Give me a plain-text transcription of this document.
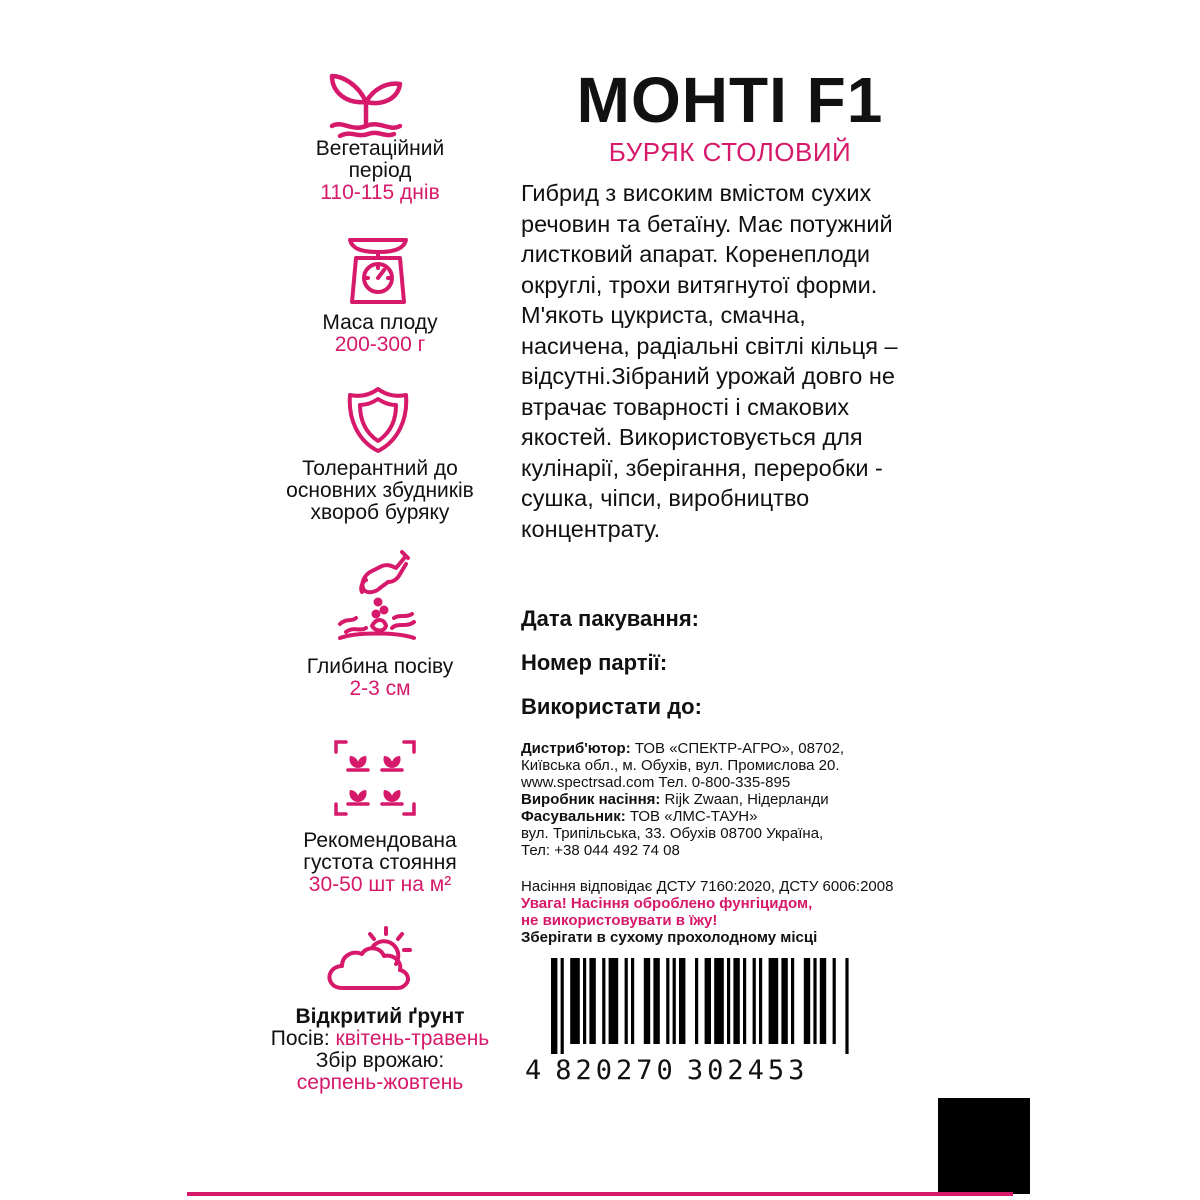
Вегетаційний
період
110-115 днів
Маса плоду
200-300 г
Толерантний до
основних збудників
хвороб буряку
Глибина посіву
2-3 см
Рекомендована
густота стояння
30-50 шт на м²
Відкритий ґрунт
Посів: квітень-травень
Збір врожаю:
серпень-жовтень
МОНТІ F1
БУРЯК СТОЛОВИЙ
Гибрид з високим вмістом сухих
речовин та бетаїну. Має потужний
листковий апарат. Коренеплоди
округлі, трохи витягнутої форми.
М'якоть цукриста, смачна,
насичена, радіальні світлі кільця –
відсутні.Зібраний урожай довго не
втрачає товарності і смакових
якостей. Використовується для
кулінарії, зберігання, переробки -
сушка, чіпси, виробництво
концентрату.
Дата пакування:
Номер партії:
Використати до:
Дистриб'ютор: ТОВ «СПЕКТР-АГРО», 08702,
Київська обл., м. Обухів, вул. Промислова 20.
www.spectrsad.com Тел. 0-800-335-895
Виробник насіння: Rijk Zwaan, Нідерланди
Фасувальник: ТОВ «ЛМС-ТАУН»
вул. Трипільська, 33. Обухів 08700 Україна,
Тел: +38 044 492 74 08
Насіння відповідає ДСТУ 7160:2020, ДСТУ 6006:2008
Увага! Насіння оброблено фунгіцидом,
не використовувати в їжу!
Зберігати в сухому прохолодному місці
4 820270 302453
